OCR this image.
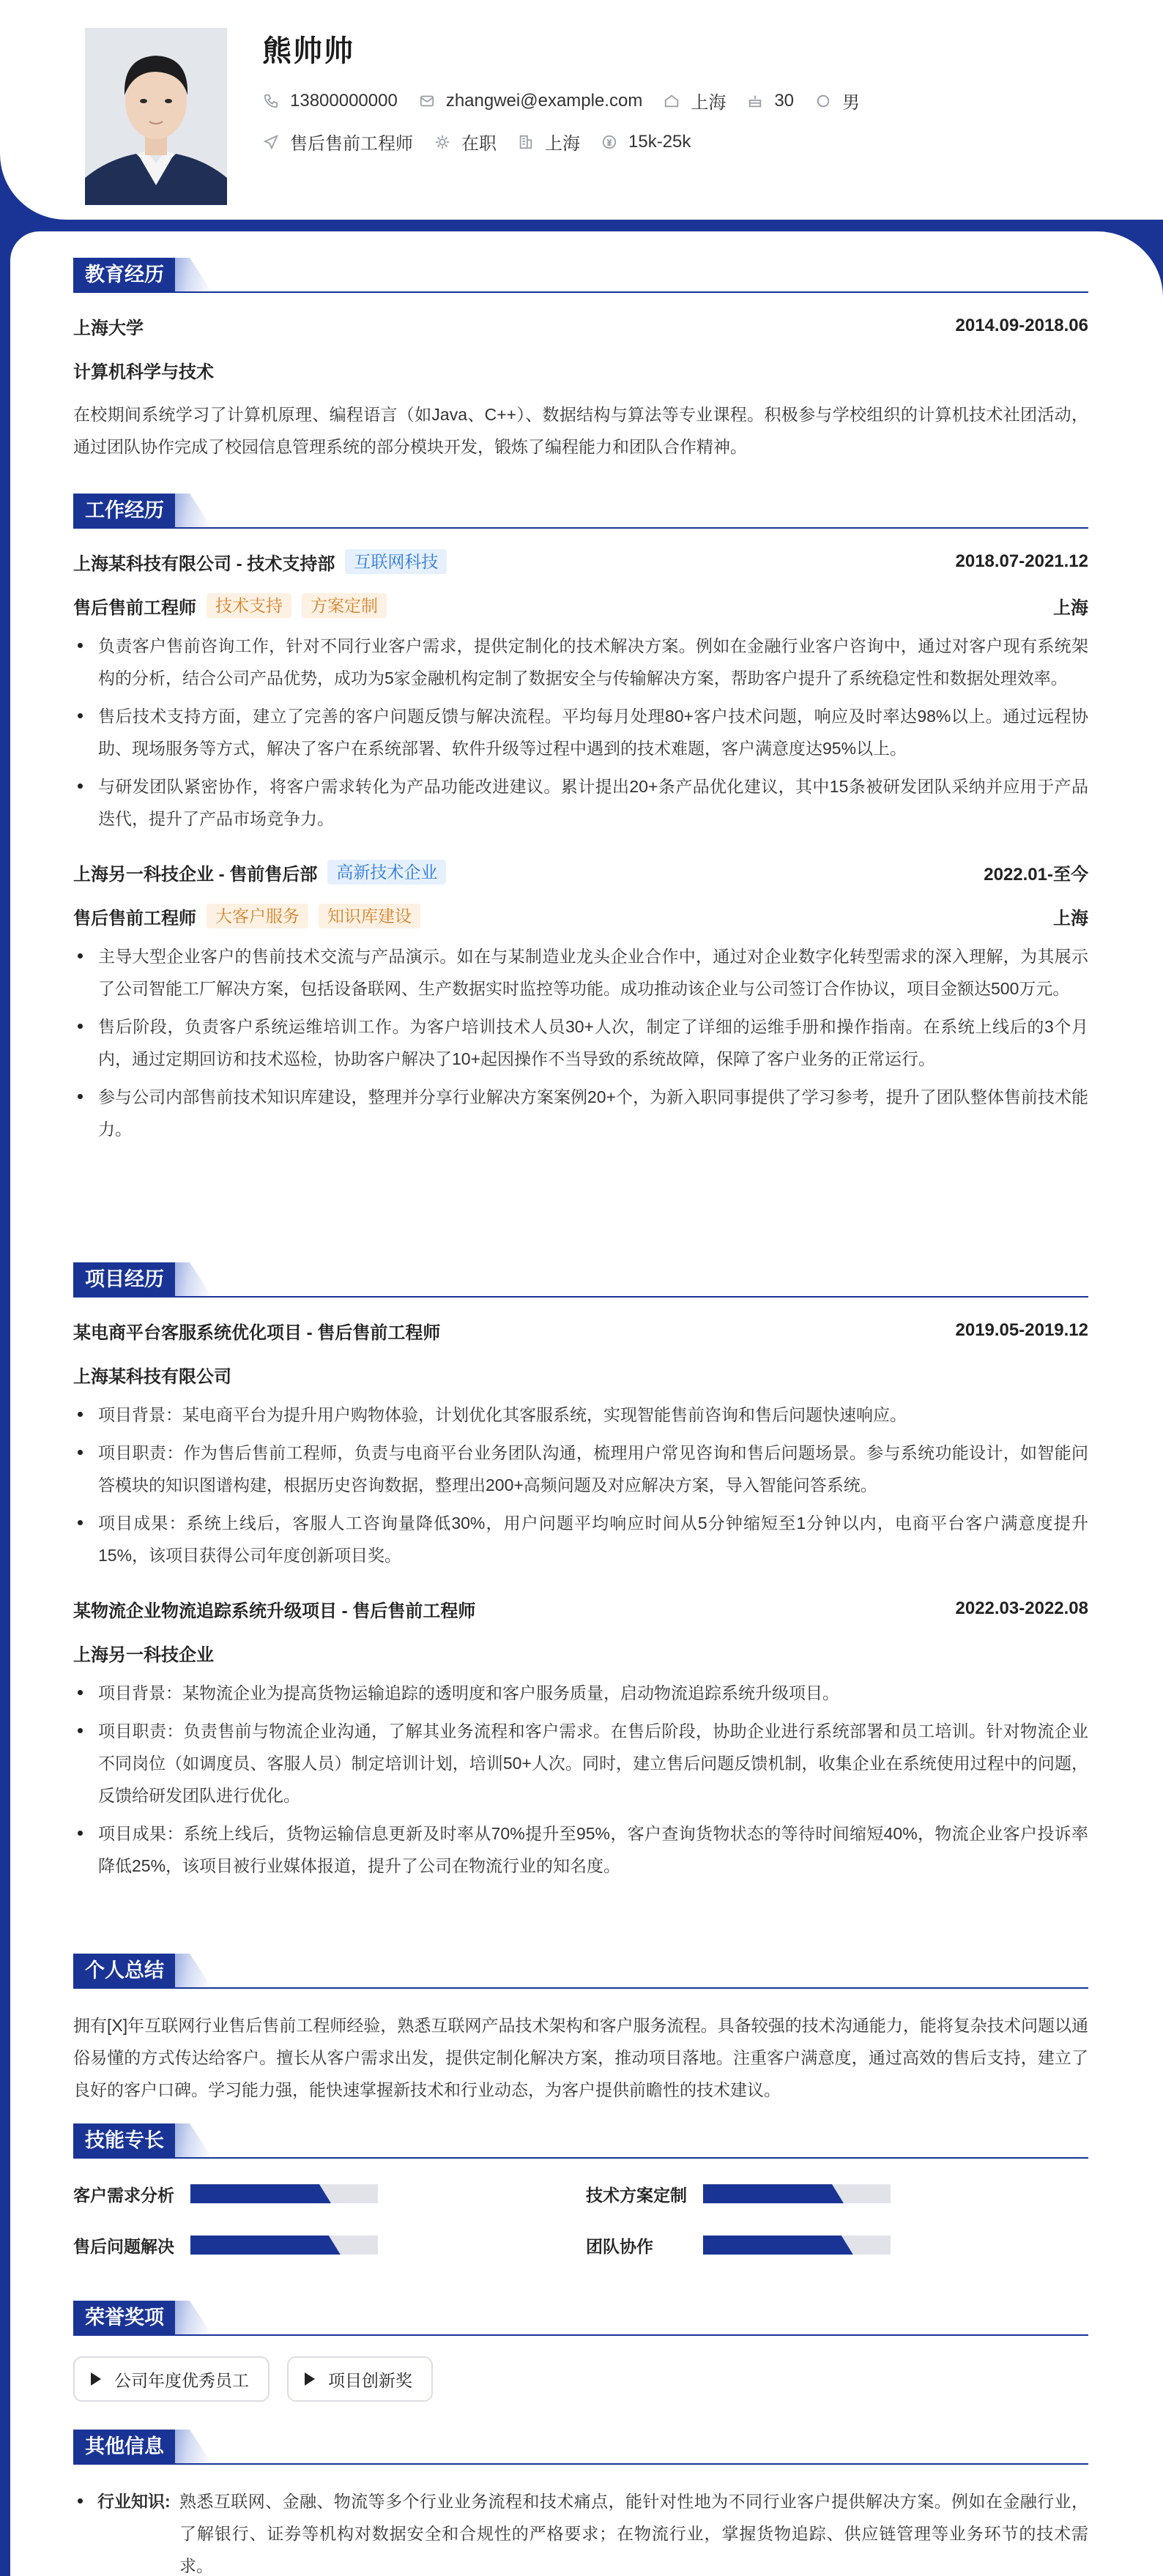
熊帅帅
13800000000	zhangwei@example.com	上海	30	男
售后售前工程师	在职	上海	15k-25k
教育经历
上海大学	2014.09-2018.06
计算机科学与技术
在校期间系统学习了计算机原理、编程语言（如Java、C++）、数据结构与算法等专业课程。积极参与学校组织的计算机技术社团活动，通过团队协作完成了校园信息管理系统的部分模块开发，锻炼了编程能力和团队合作精神。
工作经历
上海某科技有限公司 - 技术支持部	互联网科技	2018.07-2021.12
售后售前工程师	技术支持	方案定制	上海
负责客户售前咨询工作，针对不同行业客户需求，提供定制化的技术解决方案。例如在金融行业客户咨询中，通过对客户现有系统架构的分析，结合公司产品优势，成功为5家金融机构定制了数据安全与传输解决方案，帮助客户提升了系统稳定性和数据处理效率。
售后技术支持方面，建立了完善的客户问题反馈与解决流程。平均每月处理80+客户技术问题，响应及时率达98%以上。通过远程协助、现场服务等方式，解决了客户在系统部署、软件升级等过程中遇到的技术难题，客户满意度达95%以上。
与研发团队紧密协作，将客户需求转化为产品功能改进建议。累计提出20+条产品优化建议，其中15条被研发团队采纳并应用于产品迭代，提升了产品市场竞争力。
上海另一科技企业 - 售前售后部	高新技术企业	2022.01-至今
售后售前工程师	大客户服务	知识库建设	上海
主导大型企业客户的售前技术交流与产品演示。如在与某制造业龙头企业合作中，通过对企业数字化转型需求的深入理解，为其展示了公司智能工厂解决方案，包括设备联网、生产数据实时监控等功能。成功推动该企业与公司签订合作协议，项目金额达500万元。
售后阶段，负责客户系统运维培训工作。为客户培训技术人员30+人次，制定了详细的运维手册和操作指南。在系统上线后的3个月内，通过定期回访和技术巡检，协助客户解决了10+起因操作不当导致的系统故障，保障了客户业务的正常运行。
参与公司内部售前技术知识库建设，整理并分享行业解决方案案例20+个，为新入职同事提供了学习参考，提升了团队整体售前技术能力。
项目经历
某电商平台客服系统优化项目 - 售后售前工程师	2019.05-2019.12
上海某科技有限公司
项目背景：某电商平台为提升用户购物体验，计划优化其客服系统，实现智能售前咨询和售后问题快速响应。
项目职责：作为售后售前工程师，负责与电商平台业务团队沟通，梳理用户常见咨询和售后问题场景。参与系统功能设计，如智能问答模块的知识图谱构建，根据历史咨询数据，整理出200+高频问题及对应解决方案，导入智能问答系统。
项目成果：系统上线后，客服人工咨询量降低30%，用户问题平均响应时间从5分钟缩短至1分钟以内，电商平台客户满意度提升15%，该项目获得公司年度创新项目奖。
某物流企业物流追踪系统升级项目 - 售后售前工程师	2022.03-2022.08
上海另一科技企业
项目背景：某物流企业为提高货物运输追踪的透明度和客户服务质量，启动物流追踪系统升级项目。
项目职责：负责售前与物流企业沟通，了解其业务流程和客户需求。在售后阶段，协助企业进行系统部署和员工培训。针对物流企业不同岗位（如调度员、客服人员）制定培训计划，培训50+人次。同时，建立售后问题反馈机制，收集企业在系统使用过程中的问题，反馈给研发团队进行优化。
项目成果：系统上线后，货物运输信息更新及时率从70%提升至95%，客户查询货物状态的等待时间缩短40%，物流企业客户投诉率降低25%，该项目被行业媒体报道，提升了公司在物流行业的知名度。
个人总结
拥有[X]年互联网行业售后售前工程师经验，熟悉互联网产品技术架构和客户服务流程。具备较强的技术沟通能力，能将复杂技术问题以通俗易懂的方式传达给客户。擅长从客户需求出发，提供定制化解决方案，推动项目落地。注重客户满意度，通过高效的售后支持，建立了良好的客户口碑。学习能力强，能快速掌握新技术和行业动态，为客户提供前瞻性的技术建议。
技能专长
客户需求分析	技术方案定制
售后问题解决	团队协作
荣誉奖项
公司年度优秀员工	项目创新奖
其他信息
行业知识: 熟悉互联网、金融、物流等多个行业业务流程和技术痛点，能针对性地为不同行业客户提供解决方案。例如在金融行业，了解银行、证券等机构对数据安全和合规性的严格要求；在物流行业，掌握货物追踪、供应链管理等业务环节的技术需求。
